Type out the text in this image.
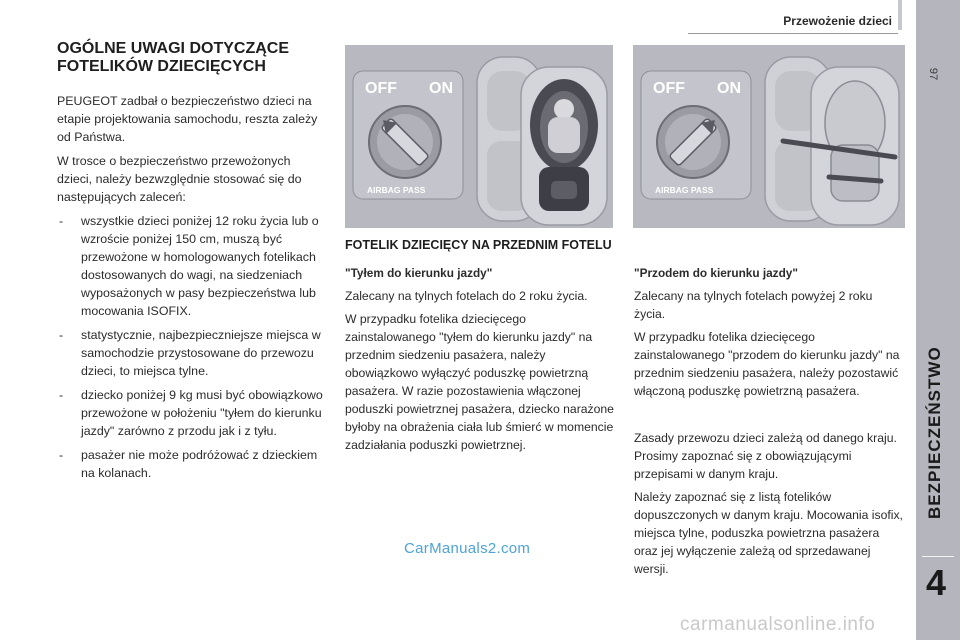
Przewożenie dzieci
97
BEZPIECZEŃSTWO
4
OGÓLNE UWAGI DOTYCZĄCE FOTELIKÓW DZIECIĘCYCH

PEUGEOT zadbał o bezpieczeństwo dzieci na etapie projektowania samochodu, reszta zależy od Państwa.

W trosce o bezpieczeństwo przewożonych dzieci, należy bezwzględnie stosować się do następujących zaleceń:

- wszystkie dzieci poniżej 12 roku życia lub o wzroście poniżej 150 cm, muszą być przewożone w homologowanych fotelikach dostosowanych do wagi, na siedzeniach wyposażonych w pasy bezpieczeństwa lub mocowania ISOFIX.
- statystycznie, najbezpieczniejsze miejsca w samochodzie przystosowane do przewozu dzieci, to miejsca tylne.
- dziecko poniżej 9 kg musi być obowiązkowo przewożone w położeniu "tyłem do kierunku jazdy" zarówno z przodu jak i z tyłu.
- pasażer nie może podróżować z dzieckiem na kolanach.
OFF ON
AIRBAG PASS
OFF ON
AIRBAG PASS
FOTELIK DZIECIĘCY NA PRZEDNIM FOTELU
"Tyłem do kierunku jazdy"

Zalecany na tylnych fotelach do 2 roku życia.

W przypadku fotelika dziecięcego zainstalowanego "tyłem do kierunku jazdy" na przednim siedzeniu pasażera, należy obowiązkowo wyłączyć poduszkę powietrzną pasażera. W razie pozostawienia włączonej poduszki powietrznej pasażera, dziecko narażone byłoby na obrażenia ciała lub śmierć w momencie zadziałania poduszki powietrznej.

"Przodem do kierunku jazdy"

Zalecany na tylnych fotelach powyżej 2 roku życia.

W przypadku fotelika dziecięcego zainstalowanego "przodem do kierunku jazdy" na przednim siedzeniu pasażera, należy pozostawić włączoną poduszkę powietrzną pasażera.

Zasady przewozu dzieci zależą od danego kraju. Prosimy zapoznać się z obowiązującymi przepisami w danym kraju.

Należy zapoznać się z listą fotelików dopuszczonych w danym kraju. Mocowania isofix, miejsca tylne, poduszka powietrzna pasażera oraz jej wyłączenie zależą od sprzedawanej wersji.

CarManuals2.com
carmanualsonline.info
